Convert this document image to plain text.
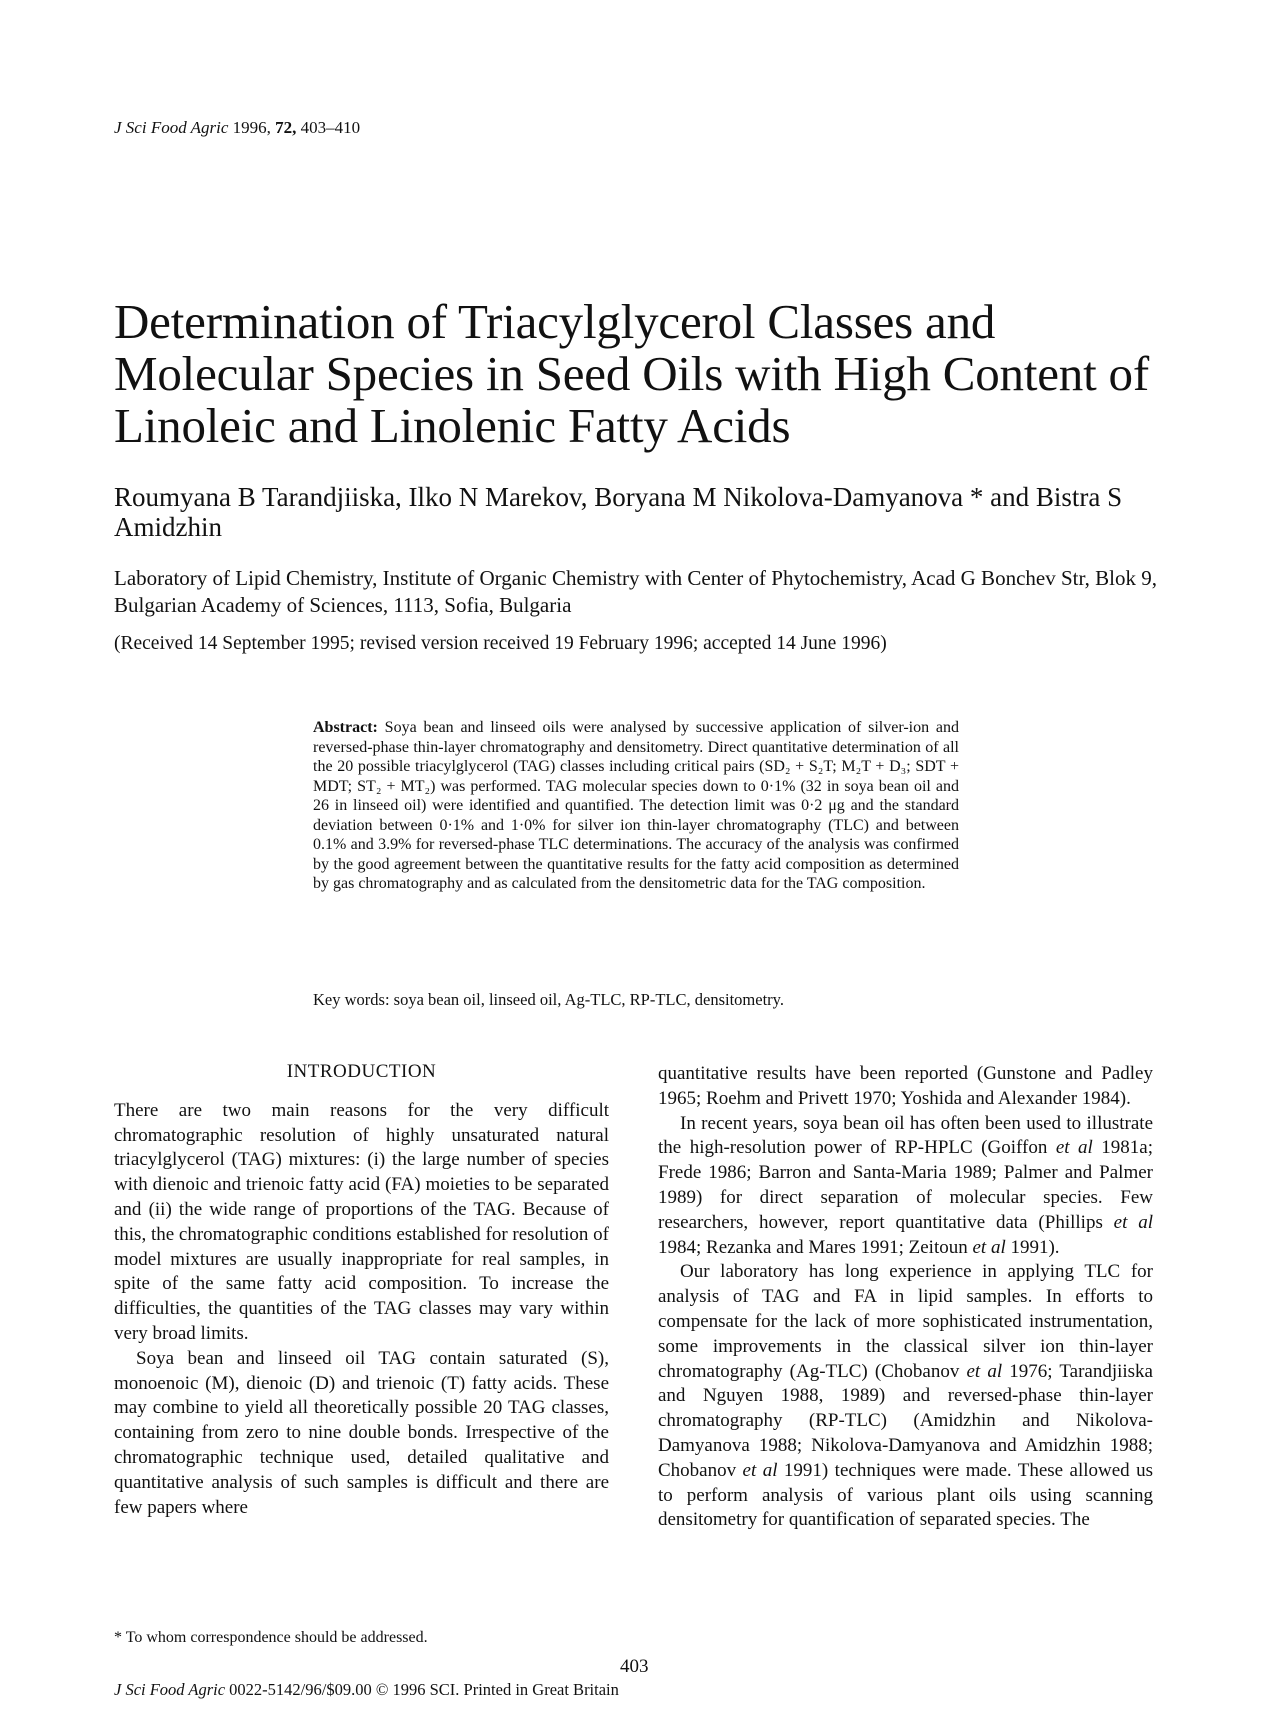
J Sci Food Agric 1996, 72, 403–410
Determination of Triacylglycerol Classes and Molecular Species in Seed Oils with High Content of Linoleic and Linolenic Fatty Acids
Roumyana B Tarandjiiska, Ilko N Marekov, Boryana M Nikolova-Damyanova * and Bistra S Amidzhin
Laboratory of Lipid Chemistry, Institute of Organic Chemistry with Center of Phytochemistry, Acad G Bonchev Str, Blok 9, Bulgarian Academy of Sciences, 1113, Sofia, Bulgaria
(Received 14 September 1995; revised version received 19 February 1996; accepted 14 June 1996)
Abstract: Soya bean and linseed oils were analysed by successive application of silver-ion and reversed-phase thin-layer chromatography and densitometry. Direct quantitative determination of all the 20 possible triacylglycerol (TAG) classes including critical pairs (SD₂ + S₂T; M₂T + D₃; SDT + MDT; ST₂ + MT₂) was performed. TAG molecular species down to 0·1% (32 in soya bean oil and 26 in linseed oil) were identified and quantified. The detection limit was 0·2 μg and the standard deviation between 0·1% and 1·0% for silver ion thin-layer chromatography (TLC) and between 0.1% and 3.9% for reversed-phase TLC determinations. The accuracy of the analysis was confirmed by the good agreement between the quantitative results for the fatty acid composition as determined by gas chromatography and as calculated from the densitometric data for the TAG composition.
Key words: soya bean oil, linseed oil, Ag-TLC, RP-TLC, densitometry.
INTRODUCTION

There are two main reasons for the very difficult chromatographic resolution of highly unsaturated natural triacylglycerol (TAG) mixtures: (i) the large number of species with dienoic and trienoic fatty acid (FA) moieties to be separated and (ii) the wide range of proportions of the TAG. Because of this, the chromatographic conditions established for resolution of model mixtures are usually inappropriate for real samples, in spite of the same fatty acid composition. To increase the difficulties, the quantities of the TAG classes may vary within very broad limits.

Soya bean and linseed oil TAG contain saturated (S), monoenoic (M), dienoic (D) and trienoic (T) fatty acids. These may combine to yield all theoretically possible 20 TAG classes, containing from zero to nine double bonds. Irrespective of the chromatographic technique used, detailed qualitative and quantitative analysis of such samples is difficult and there are few papers where

quantitative results have been reported (Gunstone and Padley 1965; Roehm and Privett 1970; Yoshida and Alexander 1984).

In recent years, soya bean oil has often been used to illustrate the high-resolution power of RP-HPLC (Goiffon et al 1981a; Frede 1986; Barron and Santa-Maria 1989; Palmer and Palmer 1989) for direct separation of molecular species. Few researchers, however, report quantitative data (Phillips et al 1984; Rezanka and Mares 1991; Zeitoun et al 1991).

Our laboratory has long experience in applying TLC for analysis of TAG and FA in lipid samples. In efforts to compensate for the lack of more sophisticated instrumentation, some improvements in the classical silver ion thin-layer chromatography (Ag-TLC) (Chobanov et al 1976; Tarandjiiska and Nguyen 1988, 1989) and reversed-phase thin-layer chromatography (RP-TLC) (Amidzhin and Nikolova-Damyanova 1988; Nikolova-Damyanova and Amidzhin 1988; Chobanov et al 1991) techniques were made. These allowed us to perform analysis of various plant oils using scanning densitometry for quantification of separated species. The

* To whom correspondence should be addressed.
403
J Sci Food Agric 0022-5142/96/$09.00 © 1996 SCI. Printed in Great Britain
